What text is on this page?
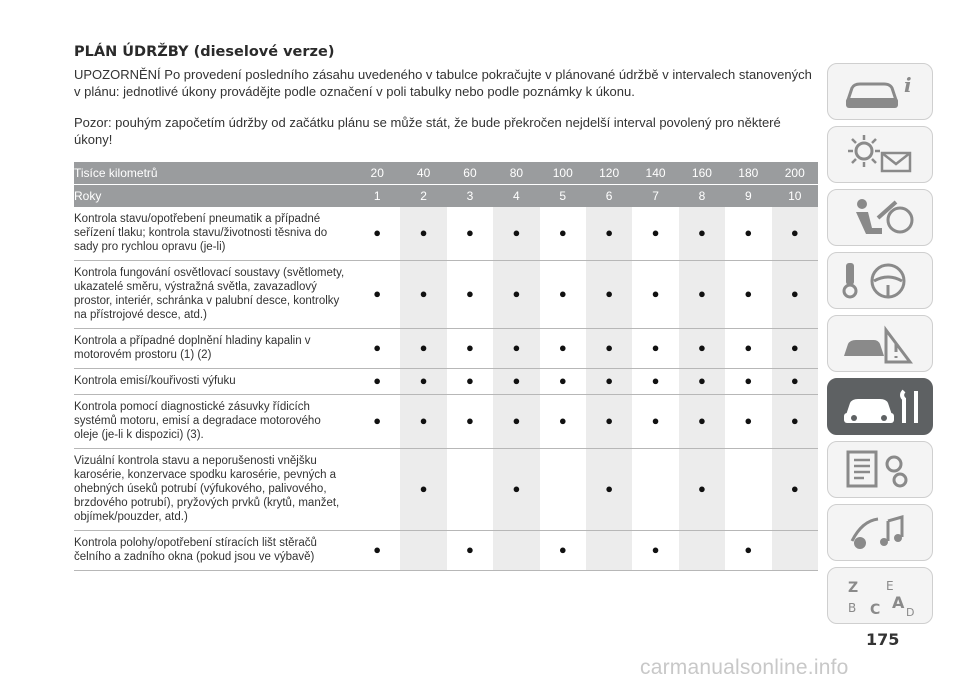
PLÁN ÚDRŽBY (dieselové verze)
UPOZORNĚNÍ Po provedení posledního zásahu uvedeného v tabulce pokračujte v plánované údržbě v intervalech stanovených v plánu: jednotlivé úkony provádějte podle označení v poli tabulky nebo podle poznámky k úkonu.
Pozor: pouhým započetím údržby od začátku plánu se může stát, že bude překročen nejdelší interval povolený pro některé úkony!
Tisíce kilometrů	20	40	60	80	100	120	140	160	180	200
Roky	1	2	3	4	5	6	7	8	9	10
Kontrola stavu/opotřebení pneumatik a případné seřízení tlaku; kontrola stavu/životnosti těsniva do sady pro rychlou opravu (je-li)	●	●	●	●	●	●	●	●	●	●
Kontrola fungování osvětlovací soustavy (světlomety, ukazatelé směru, výstražná světla, zavazadlový prostor, interiér, schránka v palubní desce, kontrolky na přístrojové desce, atd.)	●	●	●	●	●	●	●	●	●	●
Kontrola a případné doplnění hladiny kapalin v motorovém prostoru (1) (2)	●	●	●	●	●	●	●	●	●	●
Kontrola emisí/kouřivosti výfuku	●	●	●	●	●	●	●	●	●	●
Kontrola pomocí diagnostické zásuvky řídicích systémů motoru, emisí a degradace motorového oleje (je-li k dispozici) (3).	●	●	●	●	●	●	●	●	●	●
Vizuální kontrola stavu a neporušenosti vnějšku karosérie, konzervace spodku karosérie, pevných a ohebných úseků potrubí (výfukového, palivového, brzdového potrubí), pryžových prvků (krytů, manžet, objímek/pouzder, atd.)		●		●		●		●		●
Kontrola polohy/opotřebení stíracích lišt stěračů čelního a zadního okna (pokud jsou ve výbavě)	●		●		●		●		●	
i
Z E
B C A
D
175
carmanualsonline.info
